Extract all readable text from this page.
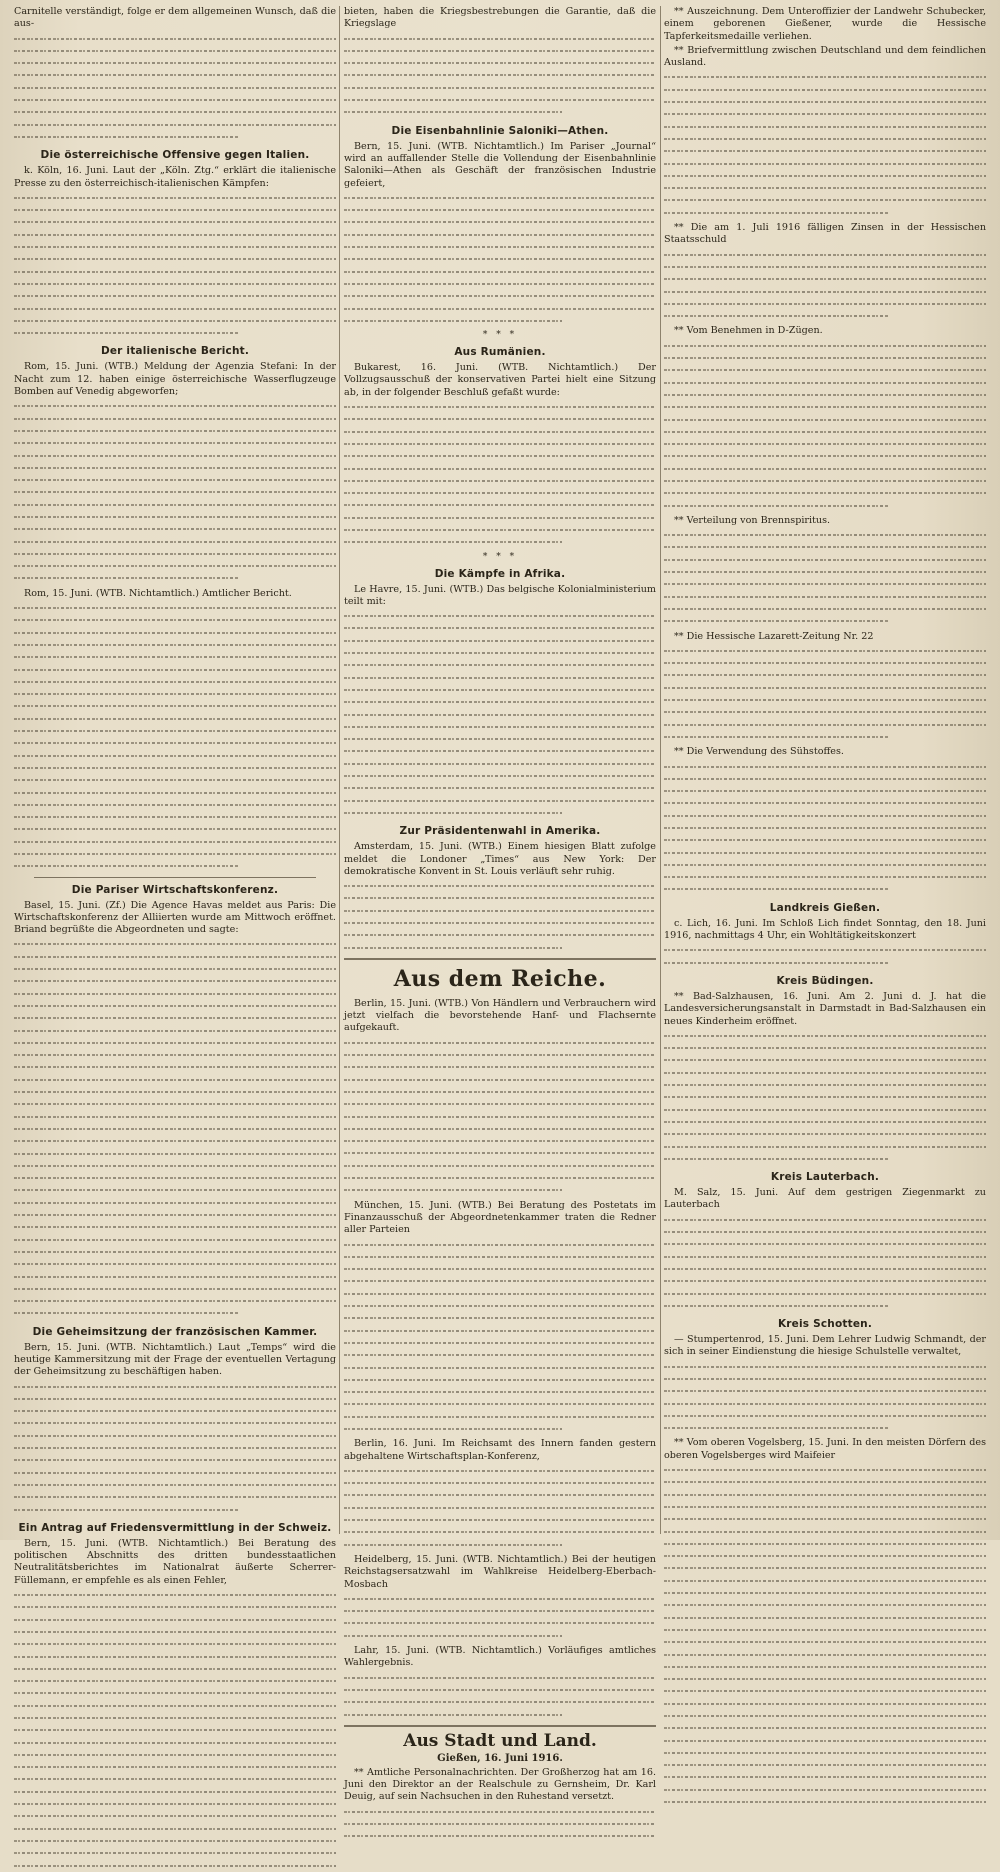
Carnitelle verständigt, folge er dem allgemeinen Wunsch, daß die aus-

Die österreichische Offensive gegen Italien.

k. Köln, 16. Juni. Laut der „Köln. Ztg.“ erklärt die italienische Presse zu den österreichisch-italienischen Kämpfen:

Der italienische Bericht.

Rom, 15. Juni. (WTB.) Meldung der Agenzia Stefani: In der Nacht zum 12. haben einige österreichische Wasserflugzeuge Bomben auf Venedig abgeworfen;

Rom, 15. Juni. (WTB. Nichtamtlich.) Amtlicher Bericht.

Die Pariser Wirtschaftskonferenz.

Basel, 15. Juni. (Zf.) Die Agence Havas meldet aus Paris: Die Wirtschaftskonferenz der Alliierten wurde am Mittwoch eröffnet. Briand begrüßte die Abgeordneten und sagte:

Die Geheimsitzung der französischen Kammer.

Bern, 15. Juni. (WTB. Nichtamtlich.) Laut „Temps“ wird die heutige Kammersitzung mit der Frage der eventuellen Vertagung der Geheimsitzung zu beschäftigen haben.

Ein Antrag auf Friedensvermittlung in der Schweiz.

Bern, 15. Juni. (WTB. Nichtamtlich.) Bei Beratung des politischen Abschnitts des dritten bundesstaatlichen Neutralitätsberichtes im Nationalrat äußerte Scherrer-Füllemann, er empfehle es als einen Fehler,

bieten, haben die Kriegsbestrebungen die Garantie, daß die Kriegslage

Die Eisenbahnlinie Saloniki—Athen.

Bern, 15. Juni. (WTB. Nichtamtlich.) Im Pariser „Journal“ wird an auffallender Stelle die Vollendung der Eisenbahnlinie Saloniki—Athen als Geschäft der französischen Industrie gefeiert,

* * *
Aus Rumänien.

Bukarest, 16. Juni. (WTB. Nichtamtlich.) Der Vollzugsausschuß der konservativen Partei hielt eine Sitzung ab, in der folgender Beschluß gefaßt wurde:

* * *
Die Kämpfe in Afrika.

Le Havre, 15. Juni. (WTB.) Das belgische Kolonialministerium teilt mit:

Zur Präsidentenwahl in Amerika.

Amsterdam, 15. Juni. (WTB.) Einem hiesigen Blatt zufolge meldet die Londoner „Times“ aus New York: Der demokratische Konvent in St. Louis verläuft sehr ruhig.

Aus dem Reiche.

Berlin, 15. Juni. (WTB.) Von Händlern und Verbrauchern wird jetzt vielfach die bevorstehende Hanf- und Flachsernte aufgekauft.

München, 15. Juni. (WTB.) Bei Beratung des Postetats im Finanzausschuß der Abgeordnetenkammer traten die Redner aller Parteien

Berlin, 16. Juni. Im Reichsamt des Innern fanden gestern abgehaltene Wirtschaftsplan-Konferenz,

Heidelberg, 15. Juni. (WTB. Nichtamtlich.) Bei der heutigen Reichstagsersatzwahl im Wahlkreise Heidelberg-Eberbach-Mosbach

Lahr, 15. Juni. (WTB. Nichtamtlich.) Vorläufiges amtliches Wahlergebnis.

Aus Stadt und Land.
Gießen, 16. Juni 1916.

** Amtliche Personalnachrichten. Der Großherzog hat am 16. Juni den Direktor an der Realschule zu Gernsheim, Dr. Karl Deuig, auf sein Nachsuchen in den Ruhestand versetzt.

** Auszeichnung. Dem Unteroffizier der Landwehr Schubecker, einem geborenen Gießener, wurde die Hessische Tapferkeitsmedaille verliehen.

** Briefvermittlung zwischen Deutschland und dem feindlichen Ausland.

** Die am 1. Juli 1916 fälligen Zinsen in der Hessischen Staatsschuld

** Vom Benehmen in D-Zügen.

** Verteilung von Brennspiritus.

** Die Hessische Lazarett-Zeitung Nr. 22

** Die Verwendung des Sühstoffes.

Landkreis Gießen.

c. Lich, 16. Juni. Im Schloß Lich findet Sonntag, den 18. Juni 1916, nachmittags 4 Uhr, ein Wohltätigkeitskonzert

Kreis Büdingen.

** Bad-Salzhausen, 16. Juni. Am 2. Juni d. J. hat die Landesversicherungsanstalt in Darmstadt in Bad-Salzhausen ein neues Kinderheim eröffnet.

Kreis Lauterbach.

M. Salz, 15. Juni. Auf dem gestrigen Ziegenmarkt zu Lauterbach

Kreis Schotten.

— Stumpertenrod, 15. Juni. Dem Lehrer Ludwig Schmandt, der sich in seiner Eindienstung die hiesige Schulstelle verwaltet,

** Vom oberen Vogelsberg, 15. Juni. In den meisten Dörfern des oberen Vogelsberges wird Maifeier
